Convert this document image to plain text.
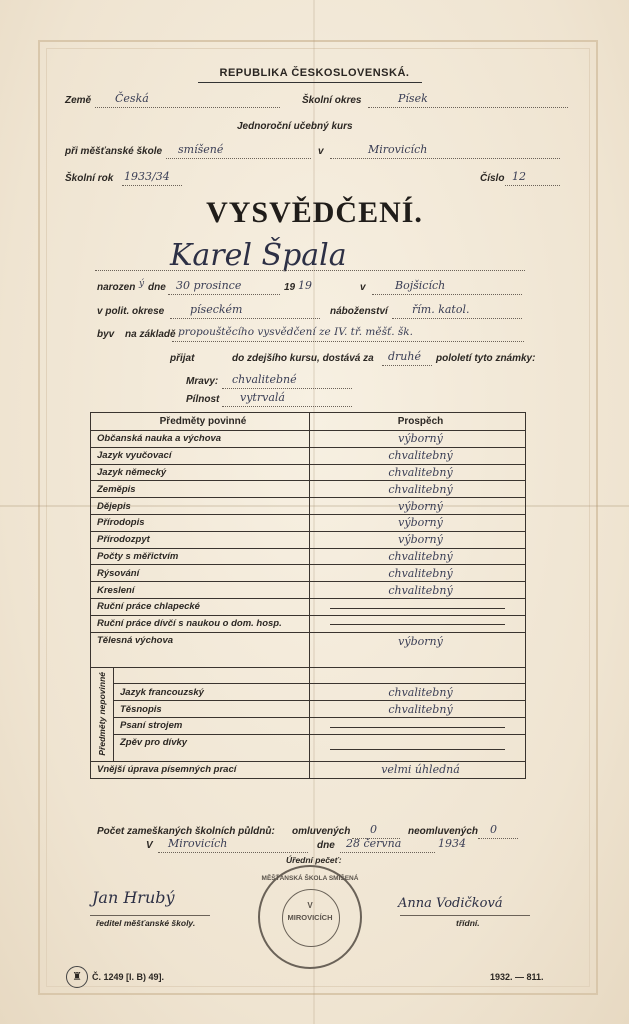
REPUBLIKA ČESKOSLOVENSKÁ.
Země Česká	Školní okres	Písek
Jednoroční učebný kurs
při měšťanské škole smíšené	v	Mirovicích
Školní rok 1933/34	Číslo 12
VYSVĚDČENÍ.
Karel Špala
narozen ý dne 30 prosince	19 19	v	Bojšicích
v polit. okrese píseckém	náboženství řím. katol.
byv na základě propouštěcího vysvědčení ze IV. tř. měšť. šk.
přijat	do zdejšího kursu, dostává za druhé pololetí tyto známky:
Mravy: chvalitebné
Pílnost vytrvalá
Předměty povinné		Prospěch
Občanská nauka a výchova		výborný
Jazyk vyučovací		chvalitebný
Jazyk německý		chvalitebný
Zeměpis		chvalitebný
Dějepis		výborný
Přírodopis		výborný
Přírodozpyt		výborný
Počty s měřictvím		chvalitebný
Rýsování		chvalitebný
Kreslení		chvalitebný
Ruční práce chlapecké		
Ruční práce dívčí s naukou o dom. hosp.		
Tělesná výchova		výborný

Předměty nepovinné		

	Jazyk francouzský	chvalitebný
	Těsnopis	chvalitebný
	Psaní strojem	
	Zpěv pro dívky	
Vnější úprava písemných prací		velmi úhledná
Počet zameškaných školních půldnů: omluvených 0	neomluvených 0
V Mirovicích	dne 28 června	1934
Úřední pečeť:
MĚŠŤANSKÁ ŠKOLA SMÍŠENÁ
V
MIROVICÍCH
Jan Hrubý
ředitel měšťanské školy.
Anna Vodičková
třídní.
♜	Č. 1249 [I. B) 49].	1932. — 811.
